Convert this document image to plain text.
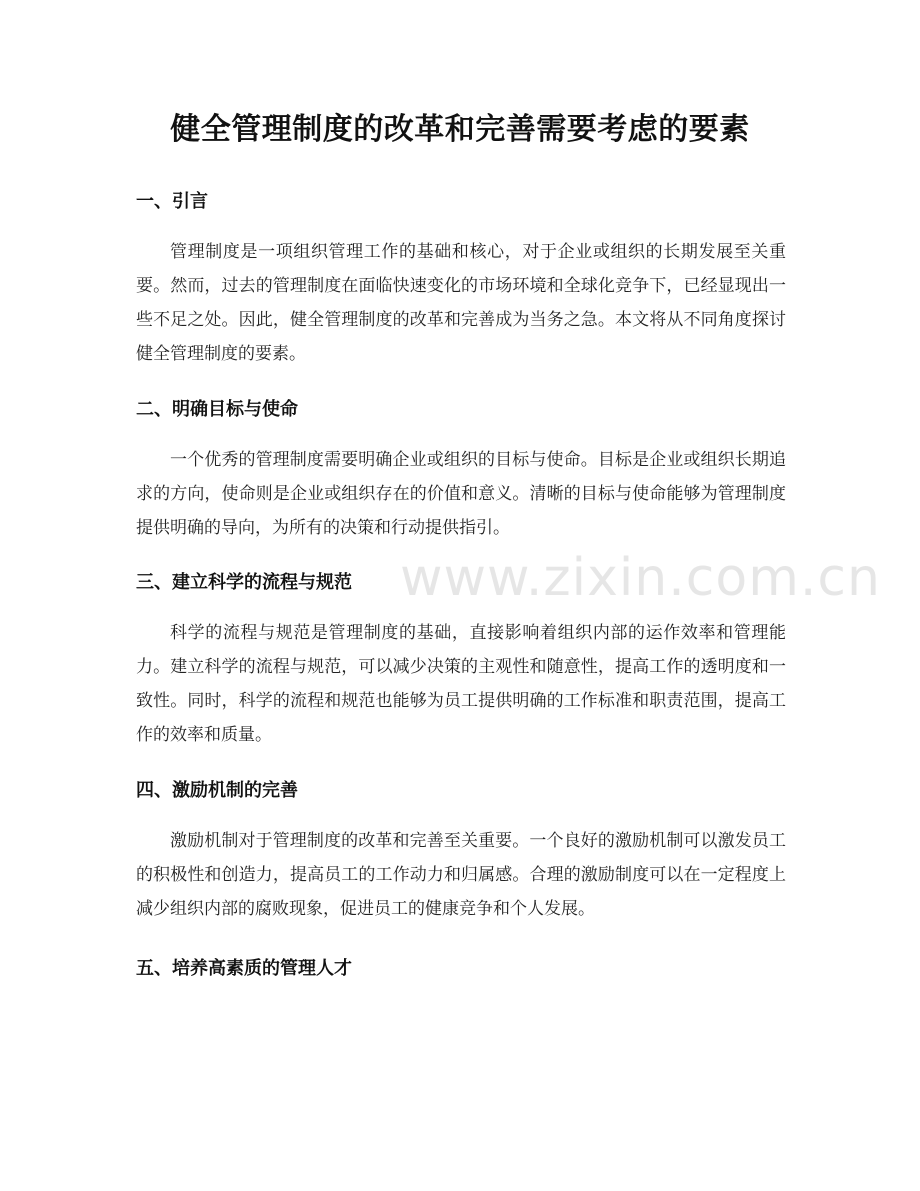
www.zixin.com.cn
健全管理制度的改革和完善需要考虑的要素
一、引言

管理制度是一项组织管理工作的基础和核心，对于企业或组织的长期发展至关重要。然而，过去的管理制度在面临快速变化的市场环境和全球化竞争下，已经显现出一些不足之处。因此，健全管理制度的改革和完善成为当务之急。本文将从不同角度探讨健全管理制度的要素。

二、明确目标与使命

一个优秀的管理制度需要明确企业或组织的目标与使命。目标是企业或组织长期追求的方向，使命则是企业或组织存在的价值和意义。清晰的目标与使命能够为管理制度提供明确的导向，为所有的决策和行动提供指引。

三、建立科学的流程与规范

科学的流程与规范是管理制度的基础，直接影响着组织内部的运作效率和管理能力。建立科学的流程与规范，可以减少决策的主观性和随意性，提高工作的透明度和一致性。同时，科学的流程和规范也能够为员工提供明确的工作标准和职责范围，提高工作的效率和质量。

四、激励机制的完善

激励机制对于管理制度的改革和完善至关重要。一个良好的激励机制可以激发员工的积极性和创造力，提高员工的工作动力和归属感。合理的激励制度可以在一定程度上减少组织内部的腐败现象，促进员工的健康竞争和个人发展。

五、培养高素质的管理人才
